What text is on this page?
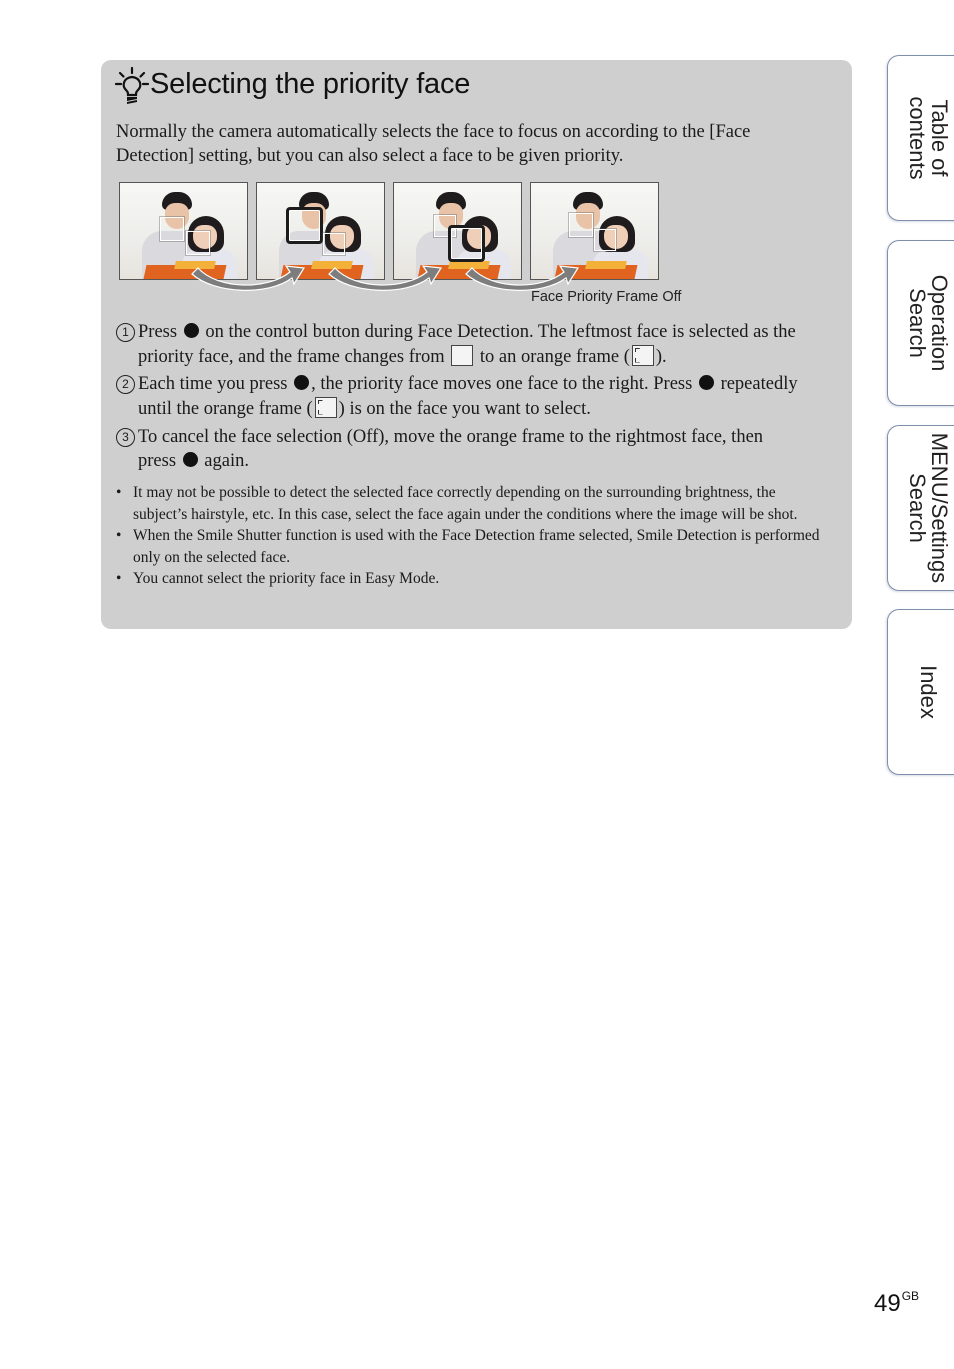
Selecting the priority face
Normally the camera automatically selects the face to focus on according to the [Face Detection] setting, but you can also select a face to be given priority.
Face Priority Frame Off
1 Press  on the control button during Face Detection. The leftmost face is selected as the
priority face, and the frame changes from  to an orange frame ( ).
2 Each time you press , the priority face moves one face to the right. Press  repeatedly
until the orange frame ( ) is on the face you want to select.
3 To cancel the face selection (Off), move the orange frame to the rightmost face, then
press  again.

• It may not be possible to detect the selected face correctly depending on the surrounding brightness, the subject’s hairstyle, etc. In this case, select the face again under the conditions where the image will be shot.

• When the Smile Shutter function is used with the Face Detection frame selected, Smile Detection is performed only on the selected face.

• You cannot select the priority face in Easy Mode.

Table of
contents
Operation
Search
MENU/Settings
Search
Index
$49^{GB}$
